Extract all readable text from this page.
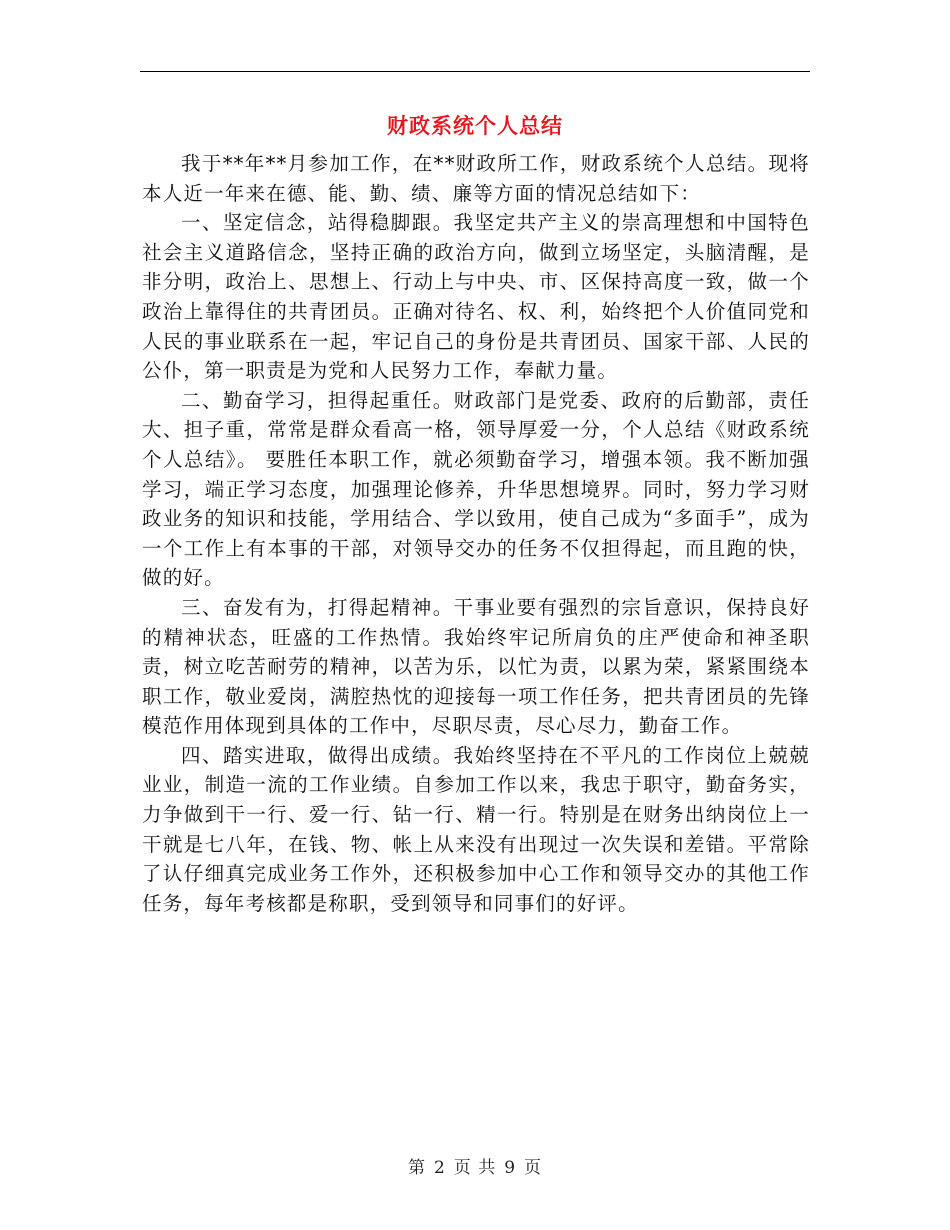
财政系统个人总结

我于**年**月参加工作，在**财政所工作，财政系统个人总结。现将本人近一年来在德、能、勤、绩、廉等方面的情况总结如下：

一、坚定信念，站得稳脚跟。我坚定共产主义的崇高理想和中国特色社会主义道路信念，坚持正确的政治方向，做到立场坚定，头脑清醒，是非分明，政治上、思想上、行动上与中央、市、区保持高度一致，做一个政治上靠得住的共青团员。正确对待名、权、利，始终把个人价值同党和人民的事业联系在一起，牢记自己的身份是共青团员、国家干部、人民的公仆，第一职责是为党和人民努力工作，奉献力量。

二、勤奋学习，担得起重任。财政部门是党委、政府的后勤部，责任大、担子重，常常是群众看高一格，领导厚爱一分，个人总结《财政系统个人总结》。 要胜任本职工作，就必须勤奋学习，增强本领。我不断加强学习，端正学习态度，加强理论修养，升华思想境界。同时，努力学习财政业务的知识和技能，学用结合、学以致用，使自己成为“多面手”，成为一个工作上有本事的干部，对领导交办的任务不仅担得起，而且跑的快，做的好。

三、奋发有为，打得起精神。干事业要有强烈的宗旨意识，保持良好的精神状态，旺盛的工作热情。我始终牢记所肩负的庄严使命和神圣职责，树立吃苦耐劳的精神，以苦为乐，以忙为责，以累为荣，紧紧围绕本职工作，敬业爱岗，满腔热忱的迎接每一项工作任务，把共青团员的先锋模范作用体现到具体的工作中，尽职尽责，尽心尽力，勤奋工作。

四、踏实进取，做得出成绩。我始终坚持在不平凡的工作岗位上兢兢业业，制造一流的工作业绩。自参加工作以来，我忠于职守，勤奋务实，力争做到干一行、爱一行、钻一行、精一行。特别是在财务出纳岗位上一干就是七八年，在钱、物、帐上从来没有出现过一次失误和差错。平常除了认仔细真完成业务工作外，还积极参加中心工作和领导交办的其他工作任务，每年考核都是称职，受到领导和同事们的好评。

第 2 页 共 9 页
